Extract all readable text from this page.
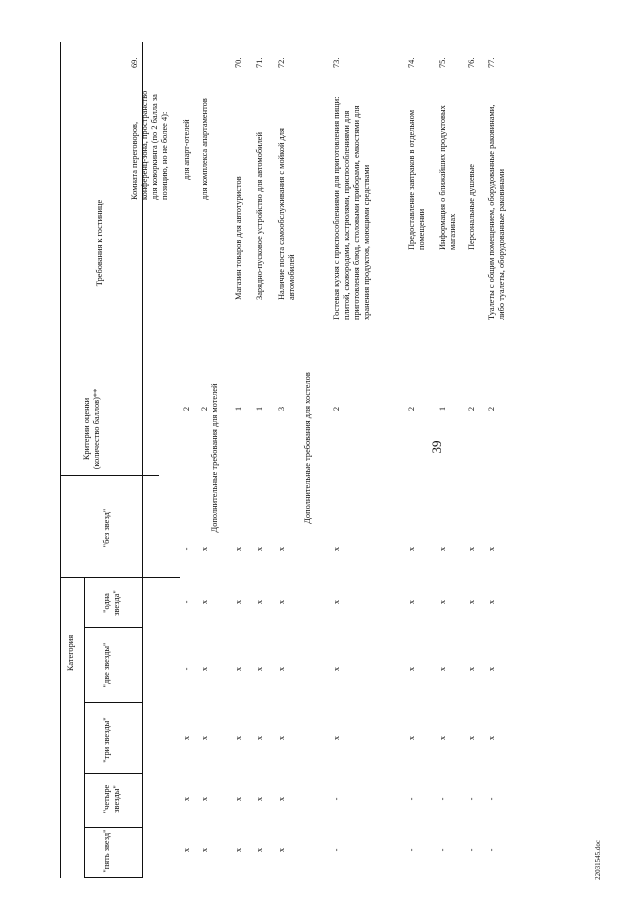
39
22031545.doc
Требования к гостинице
Критерии оценки (количество баллов)**
Категория
"без звезд"
"одна звезда"
"две звезды"
"три звезды"
"четыре звезды"
"пять звезд"
Дополнительные требования для мотелей	Дополнительные требования для хостелов
69.
Комната переговоров, конференц-зона, пространство для коворкинга (по 2 балла за позицию, но не более 4): для апарт-отелей
2
-
-
-
x
x
x
для комплекса апартаментов
2
x
x
x
x
x
x
70.
Магазин товаров для автотуристов
1
x
x
x
x
x
x
71.
Зарядно-пусковое устройство для автомобилей
1
x
x
x
x
x
x
72.
Наличие поста самообслуживания с мойкой для автомобилей
3
x
x
x
x
x
x
73.
Гостевая кухня с приспособлениями для приготовления пищи: плитой, сковородами, кастрюлями, приспособлениями для приготовления блюд, столовыми приборами, емкостями для хранения продуктов, моющими средствами
2
x
x
x
x
-
-
74.
Предоставление завтраков в отдельном помещении
2
x
x
x
x
-
-
75.
Информация о ближайших продуктовых магазинах
1
x
x
x
x
-
-
76.
Персональные душевые
2
x
x
x
x
-
-
77.
Туалеты с общим помещением, оборудованные раковинами, либо туалеты, оборудованные раковинами
2
x
x
x
x
-
-
